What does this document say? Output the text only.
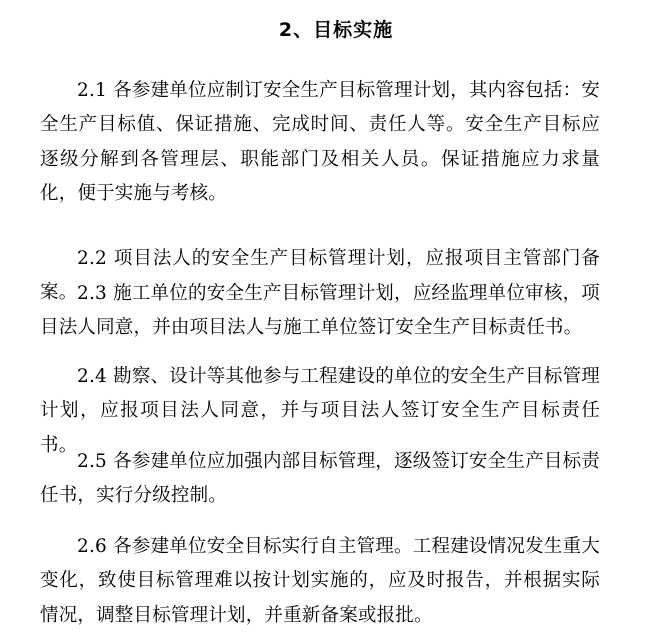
2、目标实施

2.1 各参建单位应制订安全生产目标管理计划，其内容包括：安全生产目标值、保证措施、完成时间、责任人等。安全生产目标应逐级分解到各管理层、职能部门及相关人员。保证措施应力求量化，便于实施与考核。

2.2 项目法人的安全生产目标管理计划，应报项目主管部门备案。 2.3 施工单位的安全生产目标管理计划，应经监理单位审核，项目法人同意，并由项目法人与施工单位签订安全生产目标责任书。

2.4 勘察、设计等其他参与工程建设的单位的安全生产目标管理计划，应报项目法人同意，并与项目法人签订安全生产目标责任书。

2.5 各参建单位应加强内部目标管理，逐级签订安全生产目标责任书，实行分级控制。

2.6 各参建单位安全目标实行自主管理。工程建设情况发生重大变化，致使目标管理难以按计划实施的，应及时报告，并根据实际情况，调整目标管理计划，并重新备案或报批。
